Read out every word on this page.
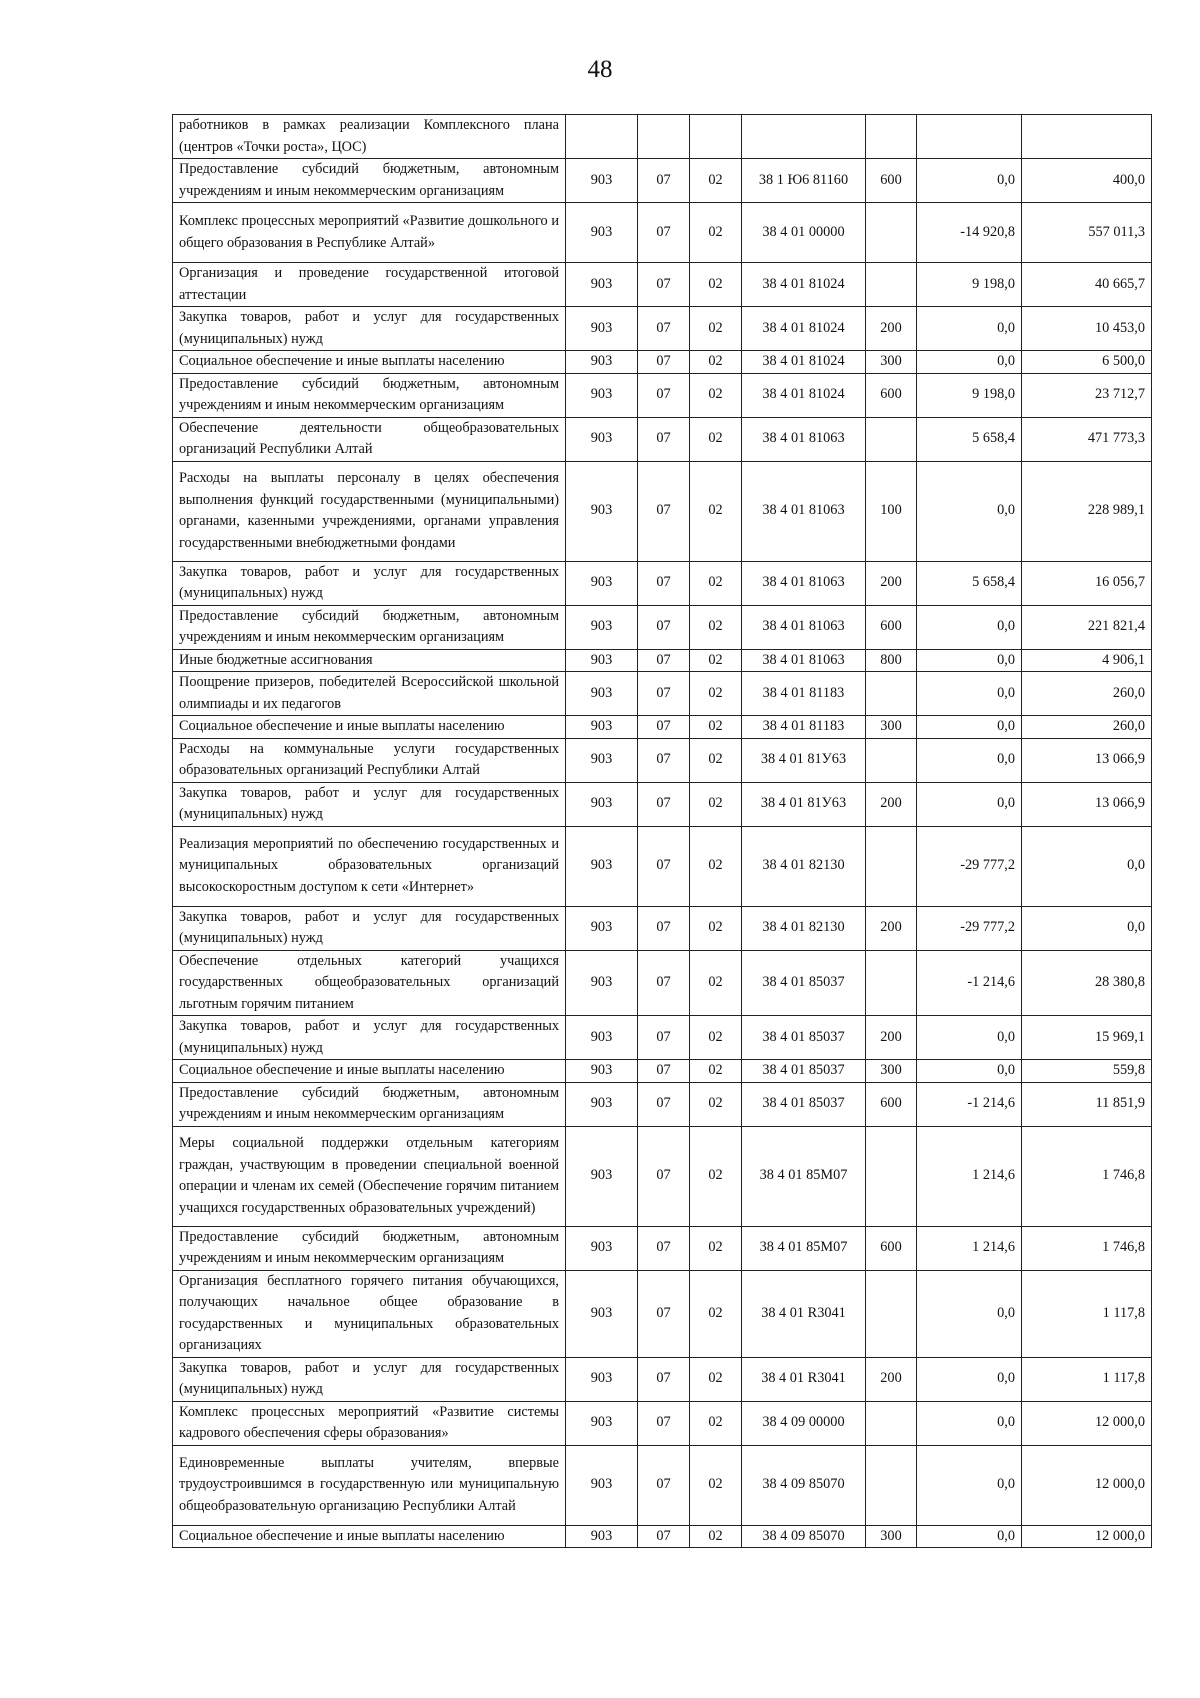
48
работников в рамках реализации Комплексного плана (центров «Точки роста», ЦОС)							
Предоставление субсидий бюджетным, автономным учреждениям и иным некоммерческим организациям	903	07	02	38 1 Ю6 81160	600	0,0	400,0
Комплекс процессных мероприятий «Развитие дошкольного и общего образования в Республике Алтай»	903	07	02	38 4 01 00000		-14 920,8	557 011,3
Организация и проведение государственной итоговой аттестации	903	07	02	38 4 01 81024		9 198,0	40 665,7
Закупка товаров, работ и услуг для государственных (муниципальных) нужд	903	07	02	38 4 01 81024	200	0,0	10 453,0
Социальное обеспечение и иные выплаты населению	903	07	02	38 4 01 81024	300	0,0	6 500,0
Предоставление субсидий бюджетным, автономным учреждениям и иным некоммерческим организациям	903	07	02	38 4 01 81024	600	9 198,0	23 712,7
Обеспечение деятельности общеобразовательных организаций Республики Алтай	903	07	02	38 4 01 81063		5 658,4	471 773,3
Расходы на выплаты персоналу в целях обеспечения выполнения функций государственными (муниципальными) органами, казенными учреждениями, органами управления государственными внебюджетными фондами	903	07	02	38 4 01 81063	100	0,0	228 989,1
Закупка товаров, работ и услуг для государственных (муниципальных) нужд	903	07	02	38 4 01 81063	200	5 658,4	16 056,7
Предоставление субсидий бюджетным, автономным учреждениям и иным некоммерческим организациям	903	07	02	38 4 01 81063	600	0,0	221 821,4
Иные бюджетные ассигнования	903	07	02	38 4 01 81063	800	0,0	4 906,1
Поощрение призеров, победителей Всероссийской школьной олимпиады и их педагогов	903	07	02	38 4 01 81183		0,0	260,0
Социальное обеспечение и иные выплаты населению	903	07	02	38 4 01 81183	300	0,0	260,0
Расходы на коммунальные услуги государственных образовательных организаций Республики Алтай	903	07	02	38 4 01 81У63		0,0	13 066,9
Закупка товаров, работ и услуг для государственных (муниципальных) нужд	903	07	02	38 4 01 81У63	200	0,0	13 066,9
Реализация мероприятий по обеспечению государственных и муниципальных образовательных организаций высокоскоростным доступом к сети «Интернет»	903	07	02	38 4 01 82130		-29 777,2	0,0
Закупка товаров, работ и услуг для государственных (муниципальных) нужд	903	07	02	38 4 01 82130	200	-29 777,2	0,0
Обеспечение отдельных категорий учащихся государственных общеобразовательных организаций льготным горячим питанием	903	07	02	38 4 01 85037		-1 214,6	28 380,8
Закупка товаров, работ и услуг для государственных (муниципальных) нужд	903	07	02	38 4 01 85037	200	0,0	15 969,1
Социальное обеспечение и иные выплаты населению	903	07	02	38 4 01 85037	300	0,0	559,8
Предоставление субсидий бюджетным, автономным учреждениям и иным некоммерческим организациям	903	07	02	38 4 01 85037	600	-1 214,6	11 851,9
Меры социальной поддержки отдельным категориям граждан, участвующим в проведении специальной военной операции и членам их семей (Обеспечение горячим питанием учащихся государственных образовательных учреждений)	903	07	02	38 4 01 85М07		1 214,6	1 746,8
Предоставление субсидий бюджетным, автономным учреждениям и иным некоммерческим организациям	903	07	02	38 4 01 85М07	600	1 214,6	1 746,8
Организация бесплатного горячего питания обучающихся, получающих начальное общее образование в государственных и муниципальных образовательных организациях	903	07	02	38 4 01 R3041		0,0	1 117,8
Закупка товаров, работ и услуг для государственных (муниципальных) нужд	903	07	02	38 4 01 R3041	200	0,0	1 117,8
Комплекс процессных мероприятий «Развитие системы кадрового обеспечения сферы образования»	903	07	02	38 4 09 00000		0,0	12 000,0
Единовременные выплаты учителям, впервые трудоустроившимся в государственную или муниципальную общеобразовательную организацию Республики Алтай	903	07	02	38 4 09 85070		0,0	12 000,0
Социальное обеспечение и иные выплаты населению	903	07	02	38 4 09 85070	300	0,0	12 000,0
